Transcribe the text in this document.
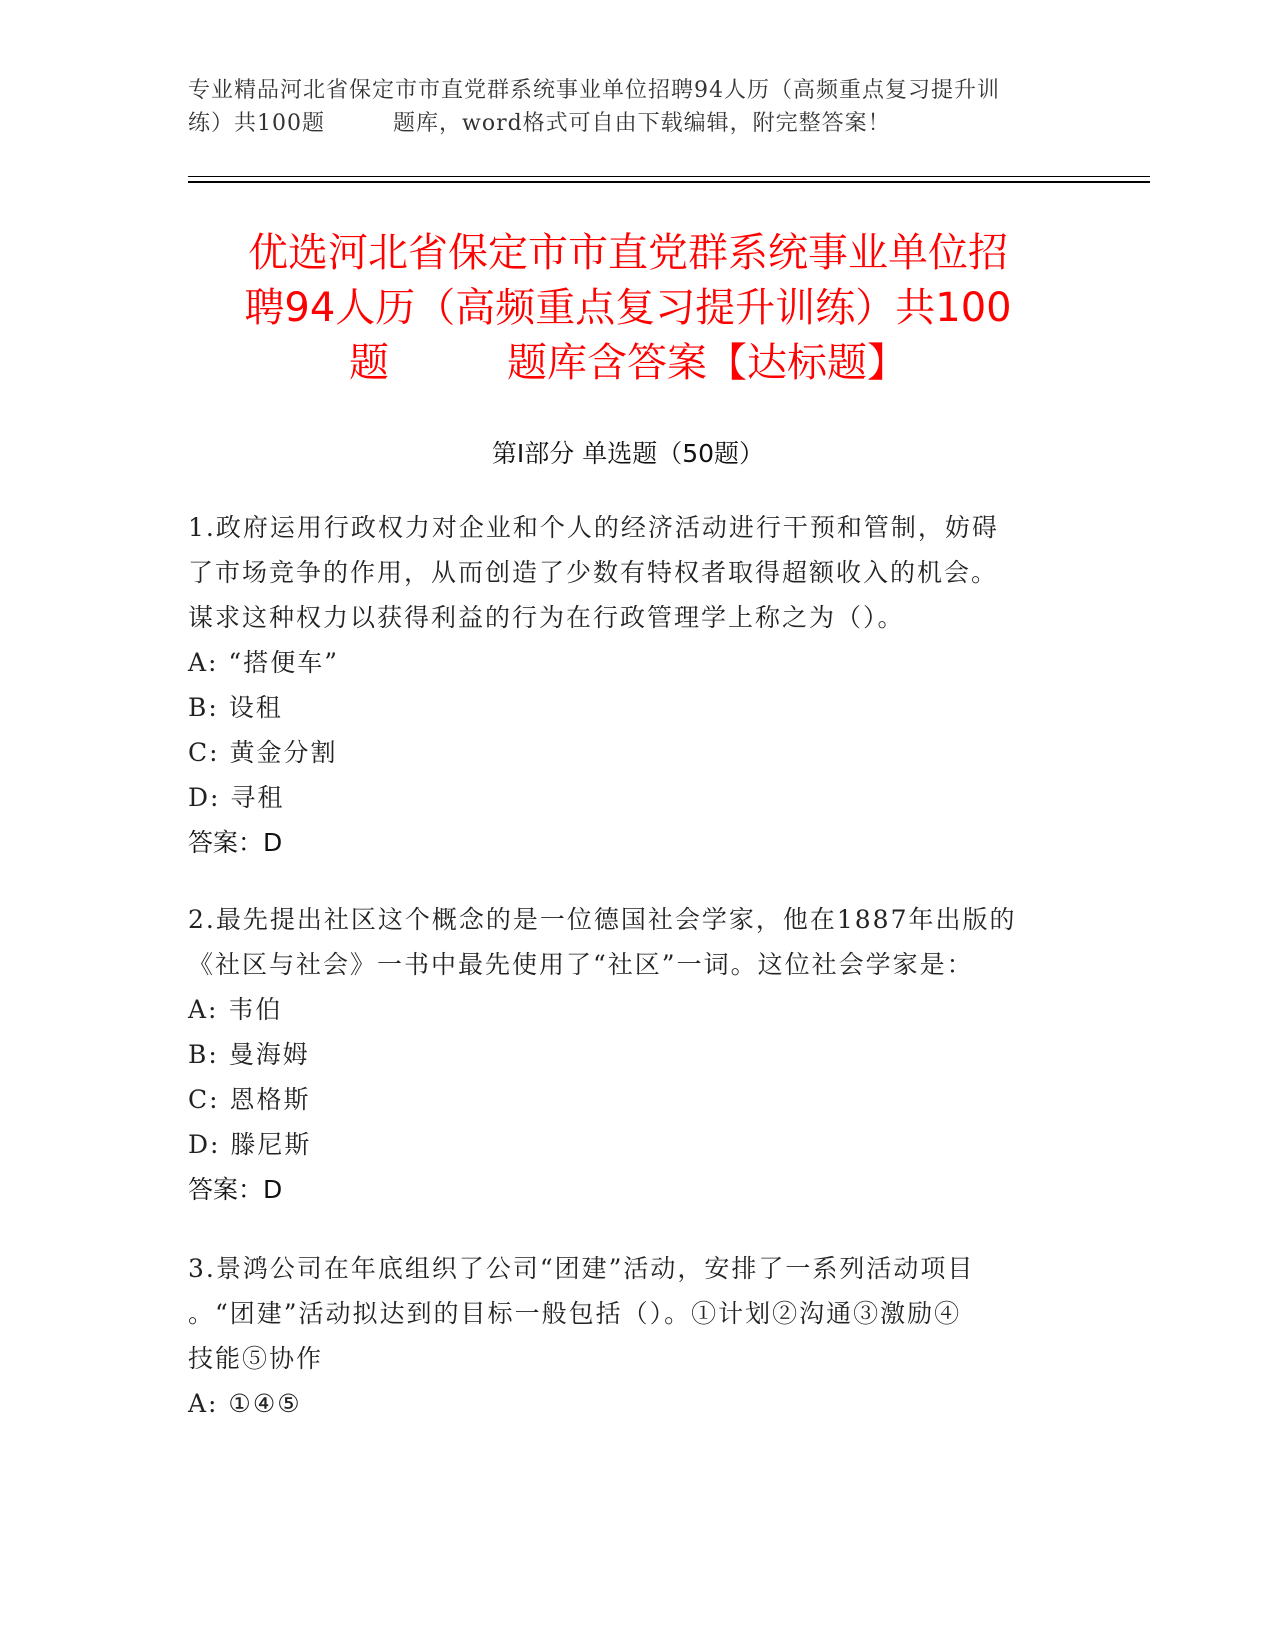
专业精品河北省保定市市直党群系统事业单位招聘94人历（高频重点复习提升训
练）共100题	题库，word格式可自由下载编辑，附完整答案！
优选河北省保定市市直党群系统事业单位招
聘94人历（高频重点复习提升训练）共100
题	题库含答案【达标题】
第Ⅰ部分 单选题（50题）
1.政府运用行政权力对企业和个人的经济活动进行干预和管制，妨碍
了市场竞争的作用，从而创造了少数有特权者取得超额收入的机会。
谋求这种权力以获得利益的行为在行政管理学上称之为（）。
A: “搭便车”
B: 设租
C: 黄金分割
D: 寻租
答案：D
2.最先提出社区这个概念的是一位德国社会学家，他在1887年出版的
《社区与社会》一书中最先使用了“社区”一词。这位社会学家是：
A: 韦伯
B: 曼海姆
C: 恩格斯
D: 滕尼斯
答案：D
3.景鸿公司在年底组织了公司“团建”活动，安排了一系列活动项目
。“团建”活动拟达到的目标一般包括（）。①计划②沟通③激励④
技能⑤协作
A: ①④⑤
